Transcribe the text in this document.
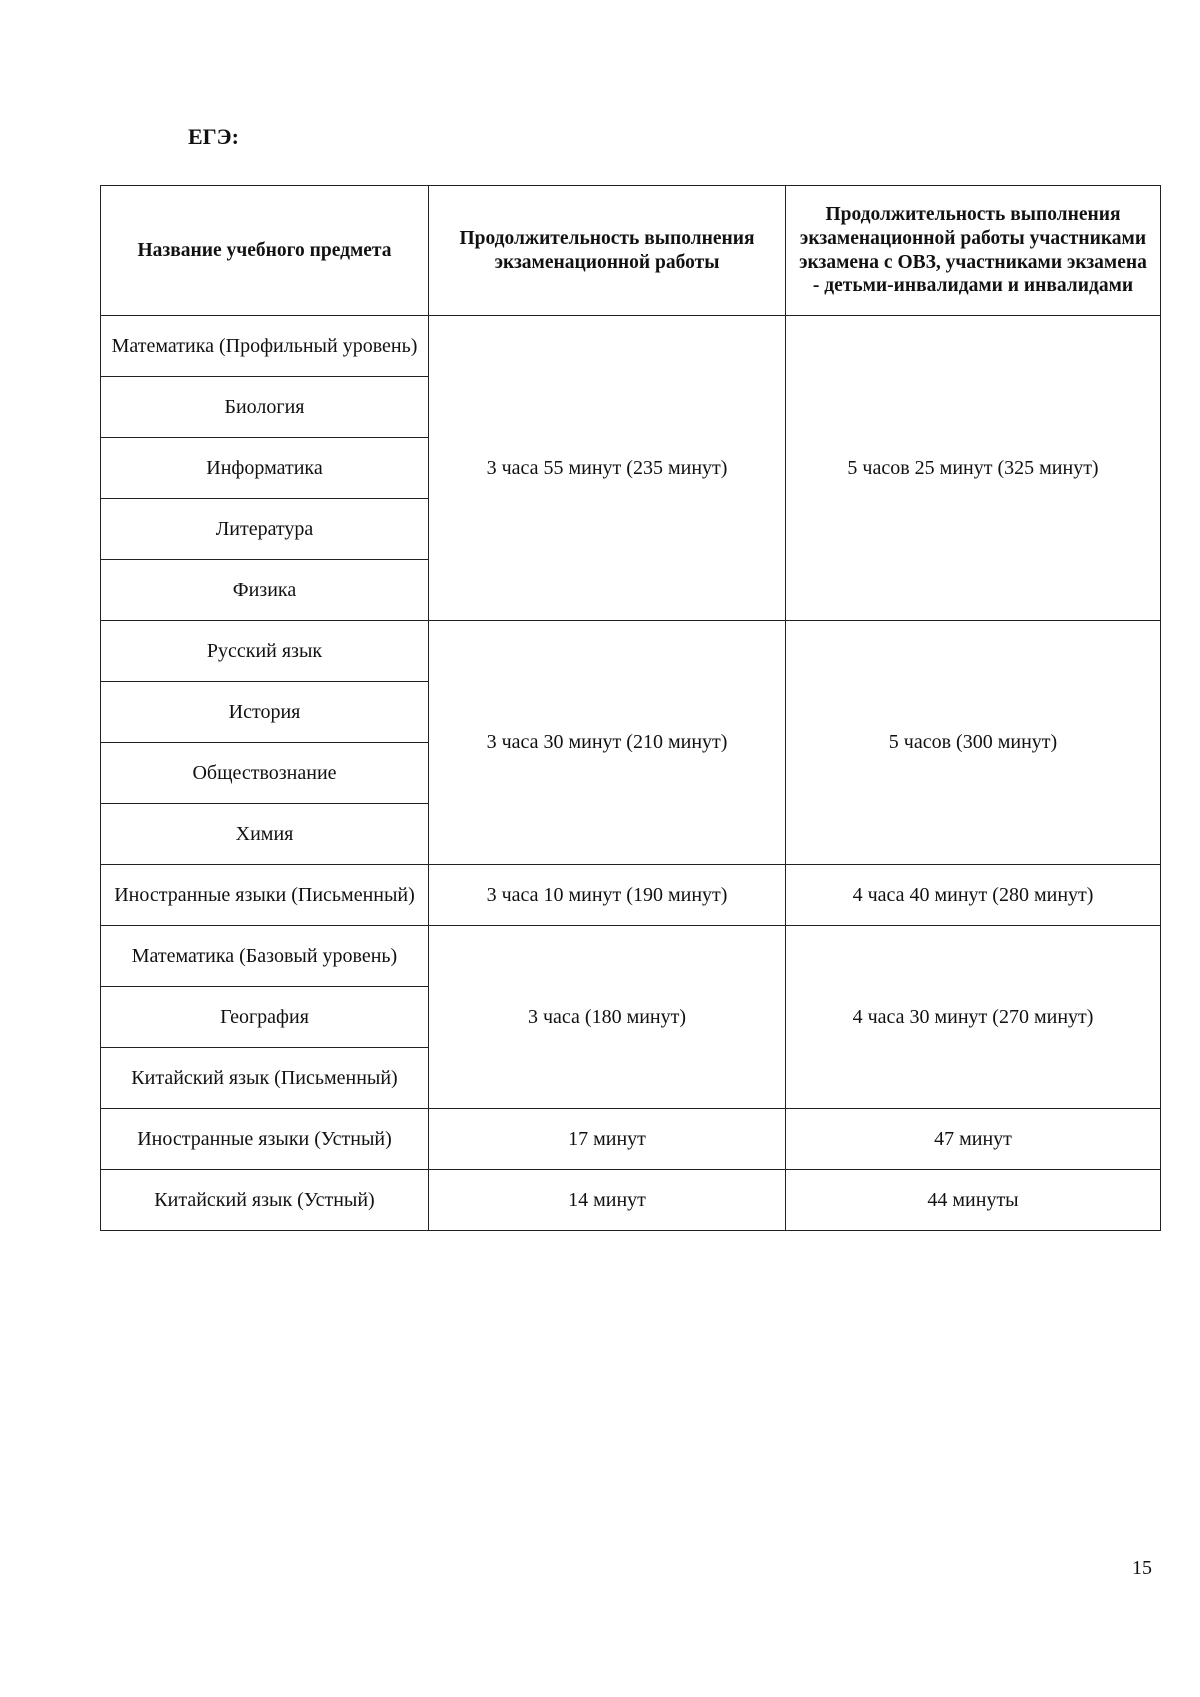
ЕГЭ:
Название учебного предмета	Продолжительность выполнения экзаменационной работы	Продолжительность выполнения экзаменационной работы участниками экзамена с ОВЗ, участниками экзамена - детьми-инвалидами и инвалидами
Математика (Профильный уровень)	3 часа 55 минут (235 минут)	5 часов 25 минут (325 минут)
Биология		
Информатика		
Литература		
Физика		
Русский язык	3 часа 30 минут (210 минут)	5 часов (300 минут)
История		
Обществознание		
Химия		
Иностранные языки (Письменный)	3 часа 10 минут (190 минут)	4 часа 40 минут (280 минут)
Математика (Базовый уровень)	3 часа (180 минут)	4 часа 30 минут (270 минут)
География		
Китайский язык (Письменный)		
Иностранные языки (Устный)	17 минут	47 минут
Китайский язык (Устный)	14 минут	44 минуты

15
